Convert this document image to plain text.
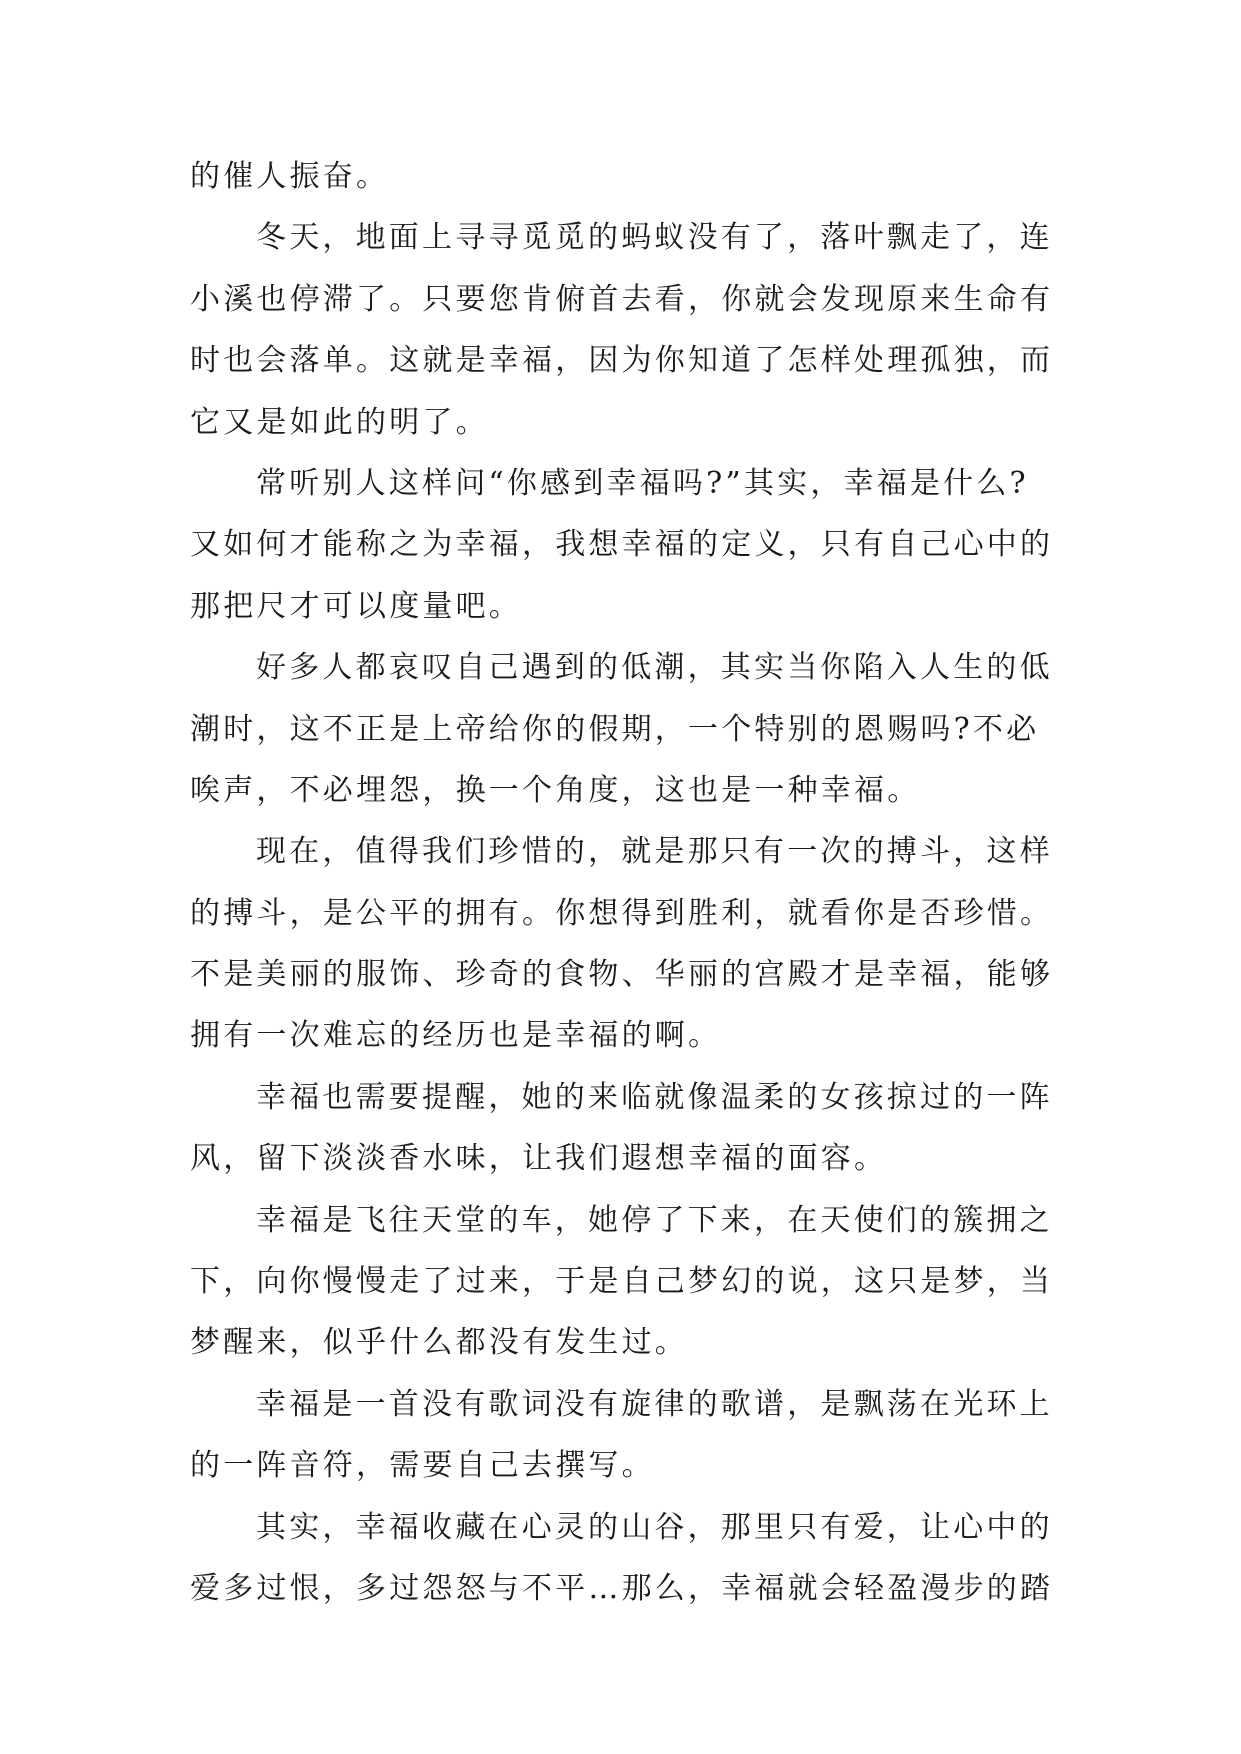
的催人振奋。
冬天，地面上寻寻觅觅的蚂蚁没有了，落叶飘走了，连
小溪也停滞了。只要您肯俯首去看，你就会发现原来生命有
时也会落单。这就是幸福，因为你知道了怎样处理孤独，而
它又是如此的明了。
常听别人这样问“你感到幸福吗?”其实，幸福是什么?
又如何才能称之为幸福，我想幸福的定义，只有自己心中的
那把尺才可以度量吧。
好多人都哀叹自己遇到的低潮，其实当你陷入人生的低
潮时，这不正是上帝给你的假期，一个特别的恩赐吗?不必
唉声，不必埋怨，换一个角度，这也是一种幸福。
现在，值得我们珍惜的，就是那只有一次的搏斗，这样
的搏斗，是公平的拥有。你想得到胜利，就看你是否珍惜。
不是美丽的服饰、珍奇的食物、华丽的宫殿才是幸福，能够
拥有一次难忘的经历也是幸福的啊。
幸福也需要提醒，她的来临就像温柔的女孩掠过的一阵
风，留下淡淡香水味，让我们遐想幸福的面容。
幸福是飞往天堂的车，她停了下来，在天使们的簇拥之
下，向你慢慢走了过来，于是自己梦幻的说，这只是梦，当
梦醒来，似乎什么都没有发生过。
幸福是一首没有歌词没有旋律的歌谱，是飘荡在光环上
的一阵音符，需要自己去撰写。
其实，幸福收藏在心灵的山谷，那里只有爱，让心中的
爱多过恨，多过怨怒与不平…那么，幸福就会轻盈漫步的踏
